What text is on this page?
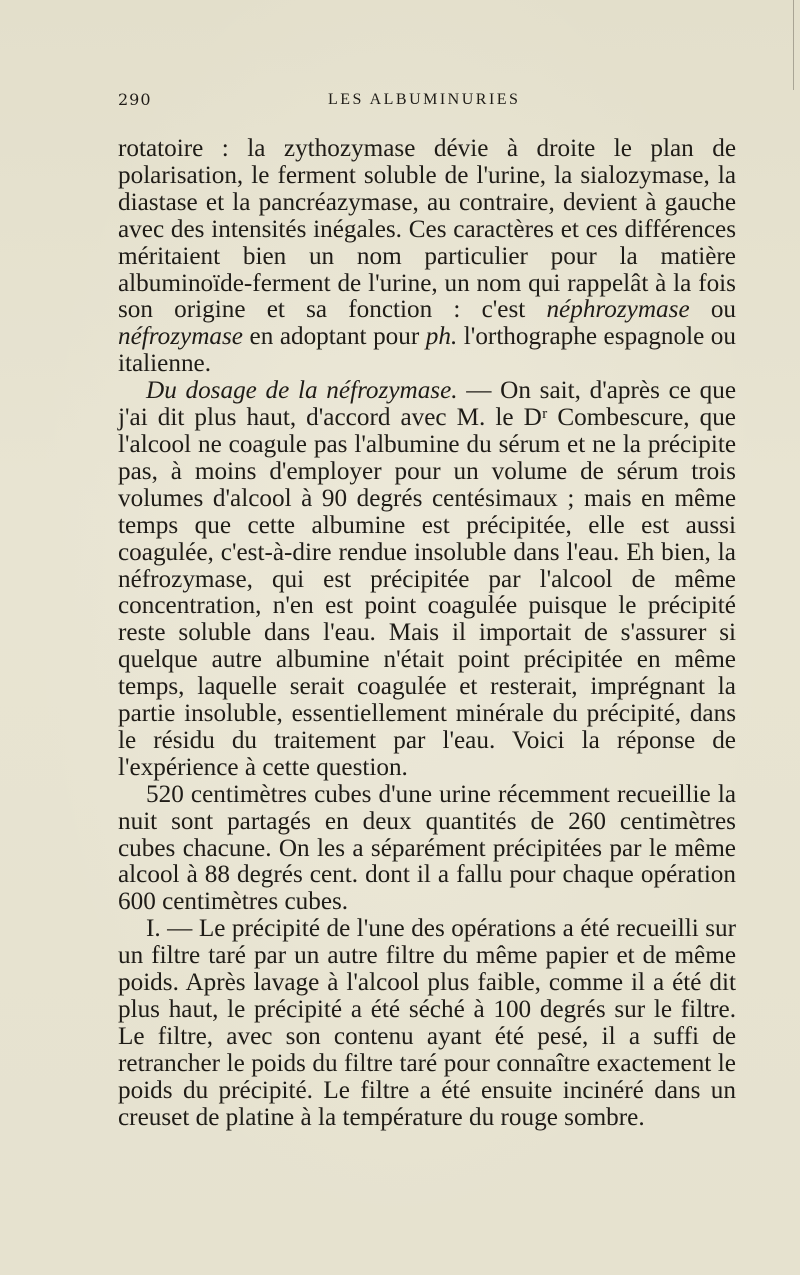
290	LES ALBUMINURIES

rotatoire : la zythozymase dévie à droite le plan de polarisation, le ferment soluble de l'urine, la sialozymase, la diastase et la pancréazymase, au contraire, devient à gauche avec des intensités inégales. Ces caractères et ces différences méritaient bien un nom particulier pour la matière albuminoïde-ferment de l'urine, un nom qui rappelât à la fois son origine et sa fonction : c'est néphrozymase ou néfrozymase en adoptant pour ph. l'orthographe espagnole ou italienne.

Du dosage de la néfrozymase. — On sait, d'après ce que j'ai dit plus haut, d'accord avec M. le Dʳ Combescure, que l'alcool ne coagule pas l'albumine du sérum et ne la précipite pas, à moins d'employer pour un volume de sérum trois volumes d'alcool à 90 degrés centésimaux ; mais en même temps que cette albumine est précipitée, elle est aussi coagulée, c'est-à-dire rendue insoluble dans l'eau. Eh bien, la néfrozymase, qui est précipitée par l'alcool de même concentration, n'en est point coagulée puisque le précipité reste soluble dans l'eau. Mais il importait de s'assurer si quelque autre albumine n'était point précipitée en même temps, laquelle serait coagulée et resterait, imprégnant la partie insoluble, essentiellement minérale du précipité, dans le résidu du traitement par l'eau. Voici la réponse de l'expérience à cette question.

520 centimètres cubes d'une urine récemment recueillie la nuit sont partagés en deux quantités de 260 centimètres cubes chacune. On les a séparément précipitées par le même alcool à 88 degrés cent. dont il a fallu pour chaque opération 600 centimètres cubes.

I. — Le précipité de l'une des opérations a été recueilli sur un filtre taré par un autre filtre du même papier et de même poids. Après lavage à l'alcool plus faible, comme il a été dit plus haut, le précipité a été séché à 100 degrés sur le filtre. Le filtre, avec son contenu ayant été pesé, il a suffi de retrancher le poids du filtre taré pour connaître exactement le poids du précipité. Le filtre a été ensuite incinéré dans un creuset de platine à la température du rouge sombre.
